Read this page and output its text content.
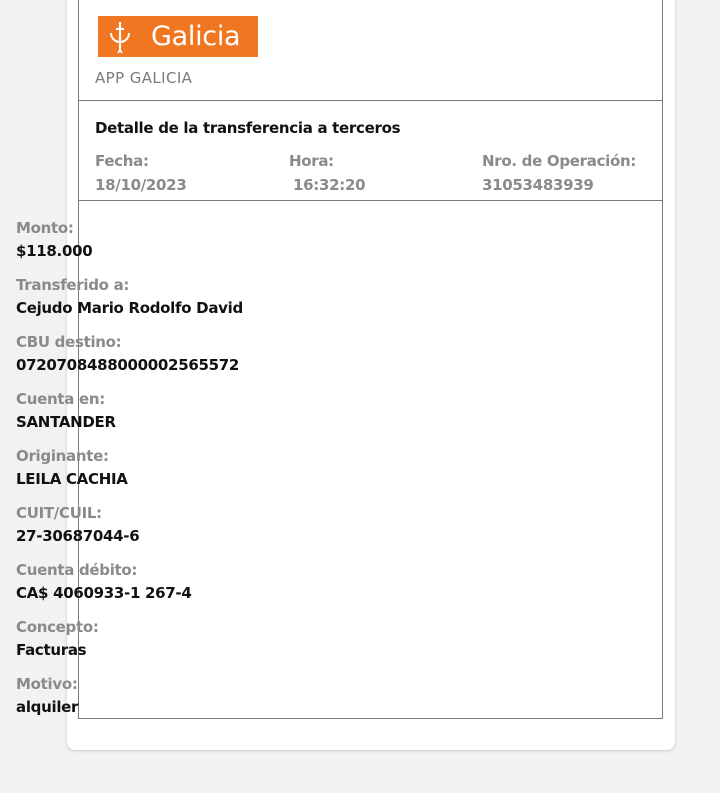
Galicia
APP GALICIA
Detalle de la transferencia a terceros
Fecha:
18/10/2023
Hora:
16:32:20
Nro. de Operación:
31053483939
Monto:
$118.000
Transferido a:
Cejudo Mario Rodolfo David
CBU destino:
0720708488000002565572
Cuenta en:
SANTANDER
Originante:
LEILA CACHIA
CUIT/CUIL:
27-30687044-6
Cuenta débito:
CA$ 4060933-1 267-4
Concepto:
Facturas
Motivo:
alquiler
